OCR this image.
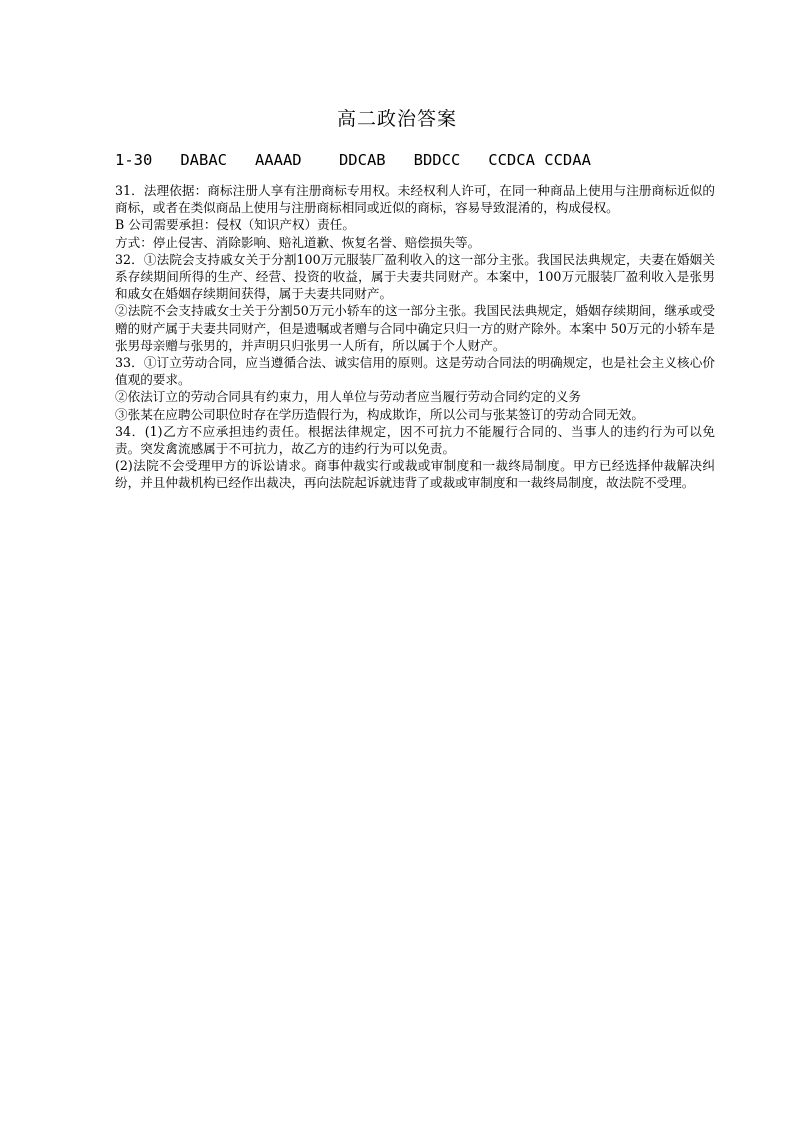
高二政治答案
1-30   DABAC   AAAAD    DDCAB   BDDCC   CCDCA CCDAA

31．法理依据：商标注册人享有注册商标专用权。未经权利人许可，在同一种商品上使用与注册商标近似的商标，或者在类似商品上使用与注册商标相同或近似的商标，容易导致混淆的，构成侵权。

B 公司需要承担：侵权（知识产权）责任。

方式：停止侵害、消除影响、赔礼道歉、恢复名誉、赔偿损失等。

32．①法院会支持戚女关于分割100万元服装厂盈利收入的这一部分主张。我国民法典规定，夫妻在婚姻关系存续期间所得的生产、经营、投资的收益，属于夫妻共同财产。本案中，100万元服装厂盈利收入是张男和戚女在婚姻存续期间获得，属于夫妻共同财产。

②法院不会支持戚女士关于分割50万元小轿车的这一部分主张。我国民法典规定，婚姻存续期间，继承或受赠的财产属于夫妻共同财产，但是遗嘱或者赠与合同中确定只归一方的财产除外。本案中 50万元的小轿车是张男母亲赠与张男的，并声明只归张男一人所有，所以属于个人财产。

33．①订立劳动合同，应当遵循合法、诚实信用的原则。这是劳动合同法的明确规定，也是社会主义核心价值观的要求。

②依法订立的劳动合同具有约束力，用人单位与劳动者应当履行劳动合同约定的义务

③张某在应聘公司职位时存在学历造假行为，构成欺诈，所以公司与张某签订的劳动合同无效。

34．(1)乙方不应承担违约责任。根据法律规定，因不可抗力不能履行合同的、当事人的违约行为可以免责。突发禽流感属于不可抗力，故乙方的违约行为可以免责。

(2)法院不会受理甲方的诉讼请求。商事仲裁实行或裁或审制度和一裁终局制度。甲方已经选择仲裁解决纠纷，并且仲裁机构已经作出裁决，再向法院起诉就违背了或裁或审制度和一裁终局制度，故法院不受理。
